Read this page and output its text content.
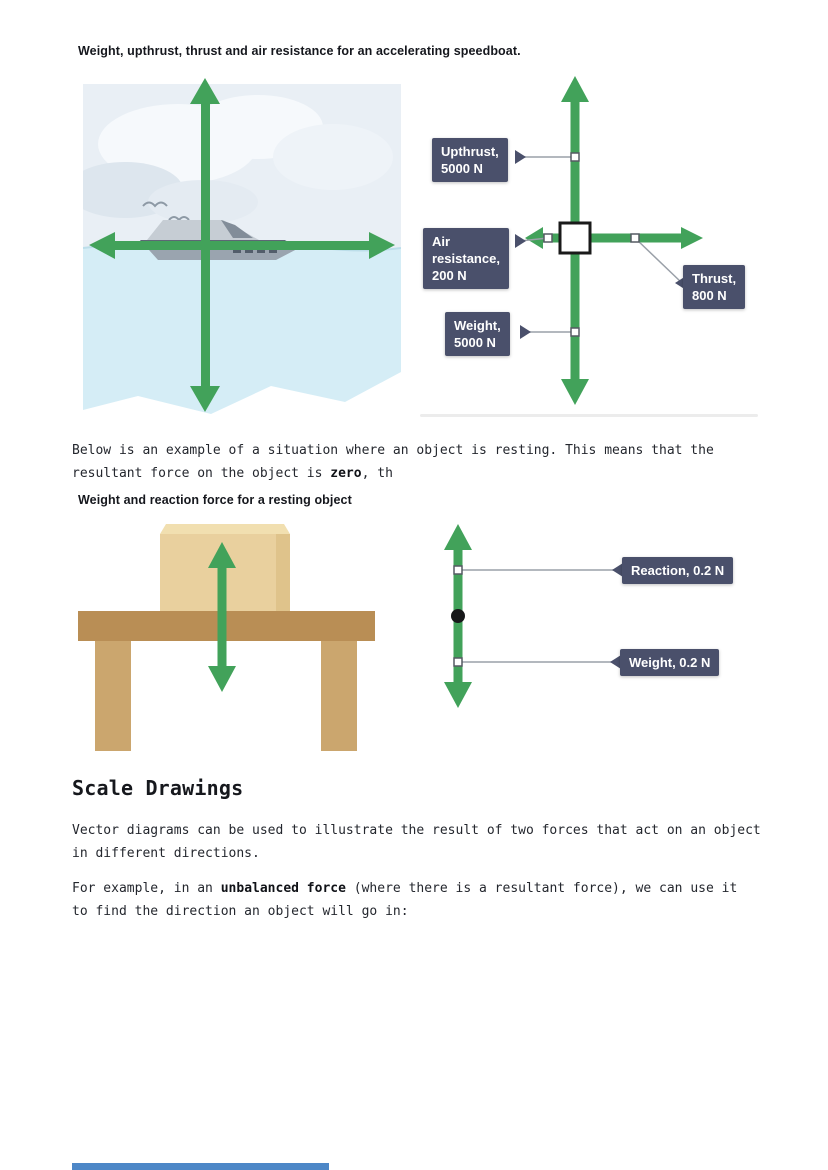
Weight, upthrust, thrust and air resistance for an accelerating speedboat.
Upthrust,
5000 N
Air
resistance,
200 N	Thrust,
800 N
Weight,
5000 N

Below is an example of a situation where an object is resting. This means that the
resultant force on the object is zero, th

Weight and reaction force for a resting object
Reaction, 0.2 N
Weight, 0.2 N
Scale Drawings

Vector diagrams can be used to illustrate the result of two forces that act on an object
in different directions.

For example, in an unbalanced force (where there is a resultant force), we can use it
to find the direction an object will go in:
